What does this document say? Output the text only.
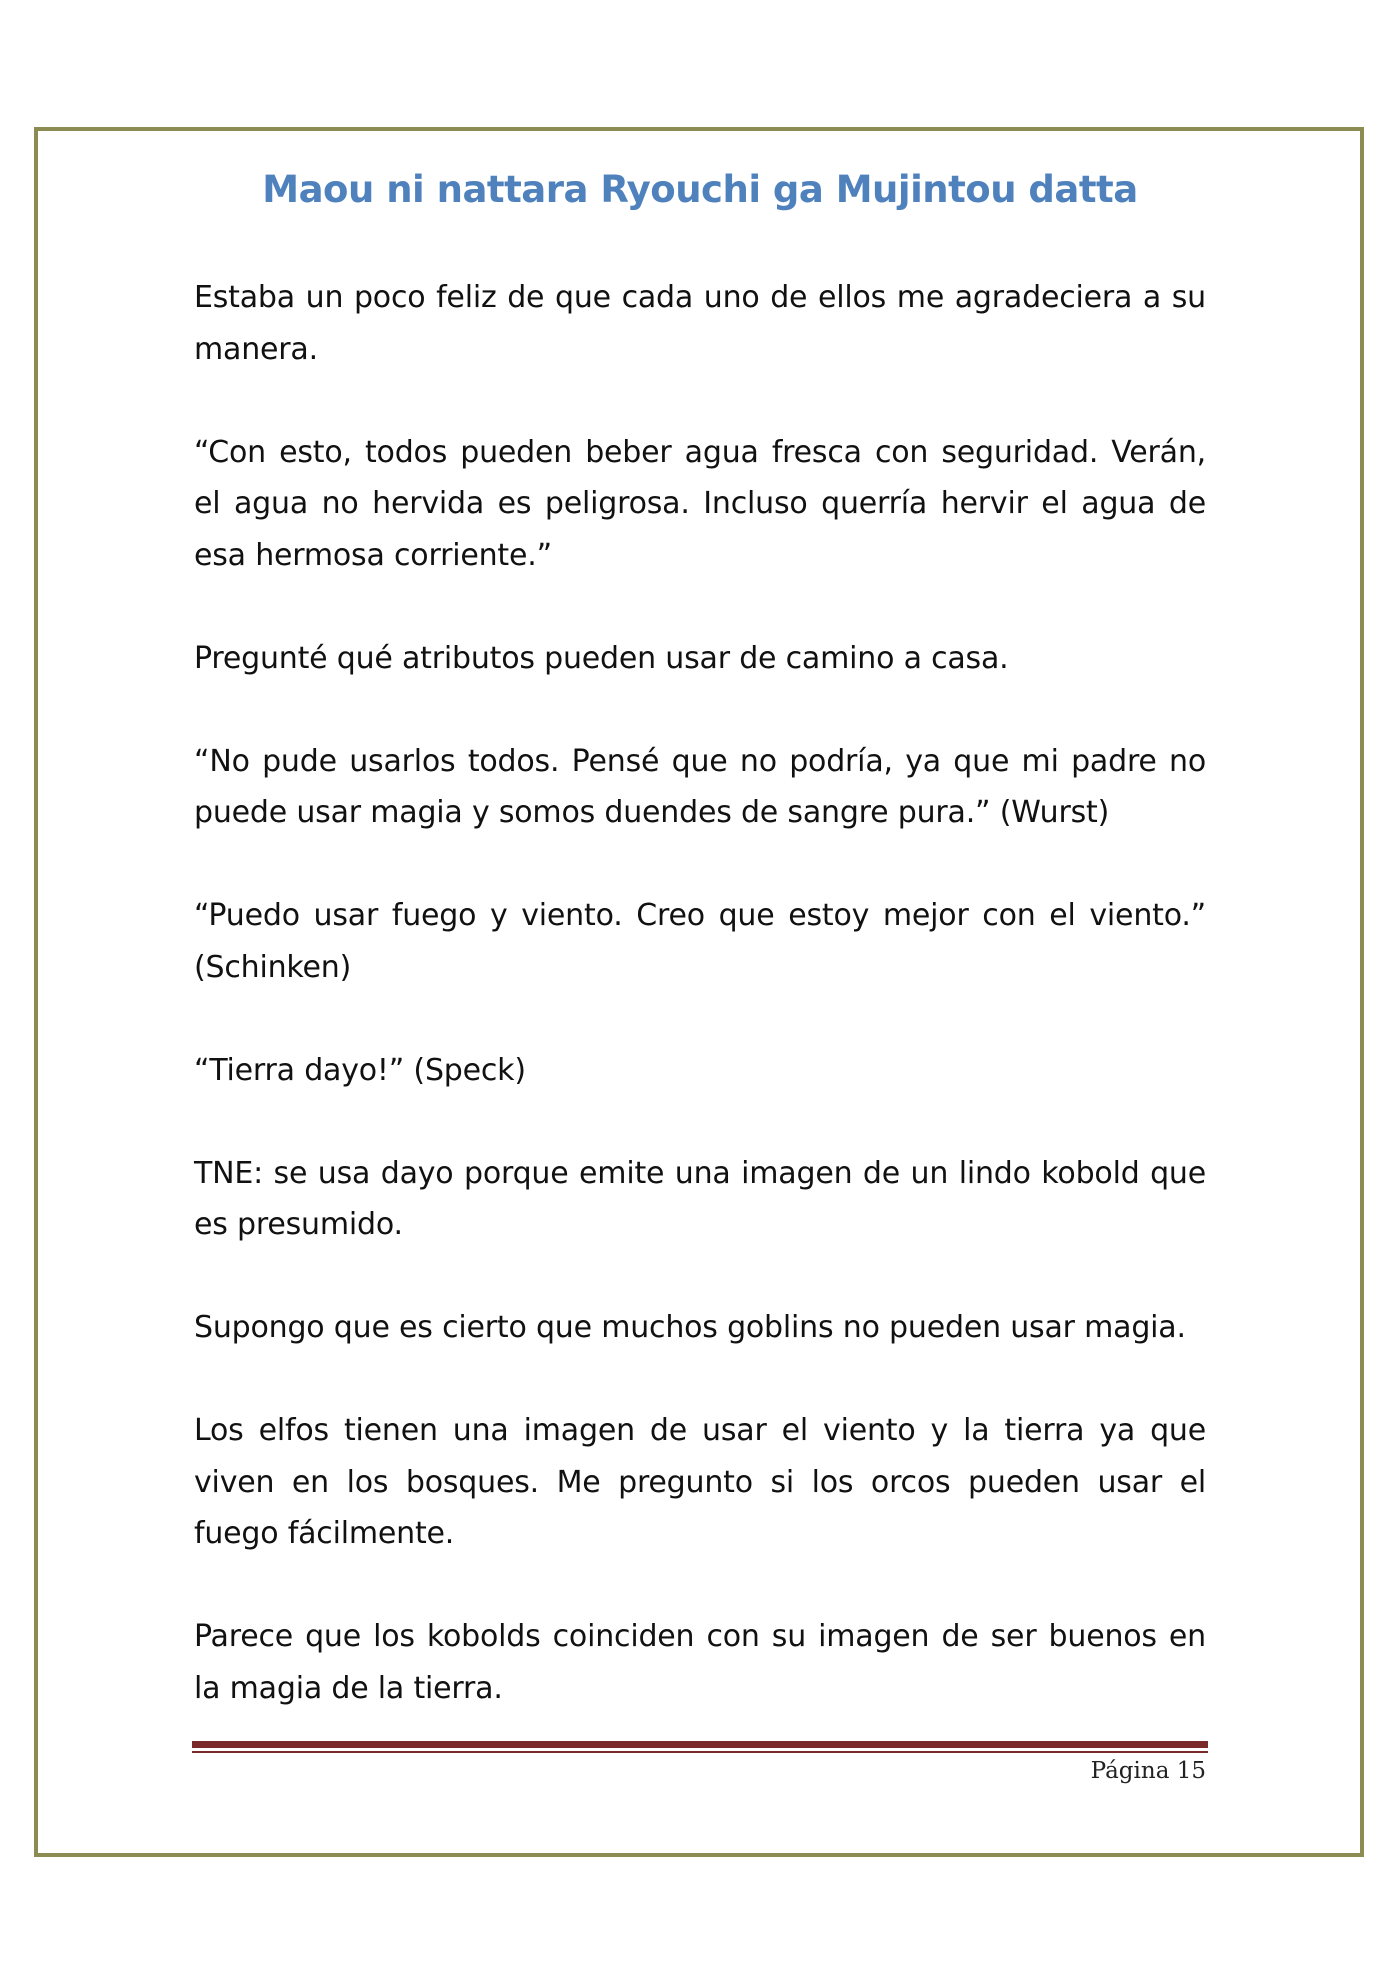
Maou ni nattara Ryouchi ga Mujintou datta

Estaba un poco feliz de que cada uno de ellos me agradeciera a su manera.

“Con esto, todos pueden beber agua fresca con seguridad. Verán, el agua no hervida es peligrosa. Incluso querría hervir el agua de esa hermosa corriente.”

Pregunté qué atributos pueden usar de camino a casa.

“No pude usarlos todos. Pensé que no podría, ya que mi padre no puede usar magia y somos duendes de sangre pura.” (Wurst)

“Puedo usar fuego y viento. Creo que estoy mejor con el viento.” (Schinken)

“Tierra dayo!” (Speck)

TNE: se usa dayo porque emite una imagen de un lindo kobold que es presumido.

Supongo que es cierto que muchos goblins no pueden usar magia.

Los elfos tienen una imagen de usar el viento y la tierra ya que viven en los bosques. Me pregunto si los orcos pueden usar el fuego fácilmente.

Parece que los kobolds coinciden con su imagen de ser buenos en la magia de la tierra.

Página 15
